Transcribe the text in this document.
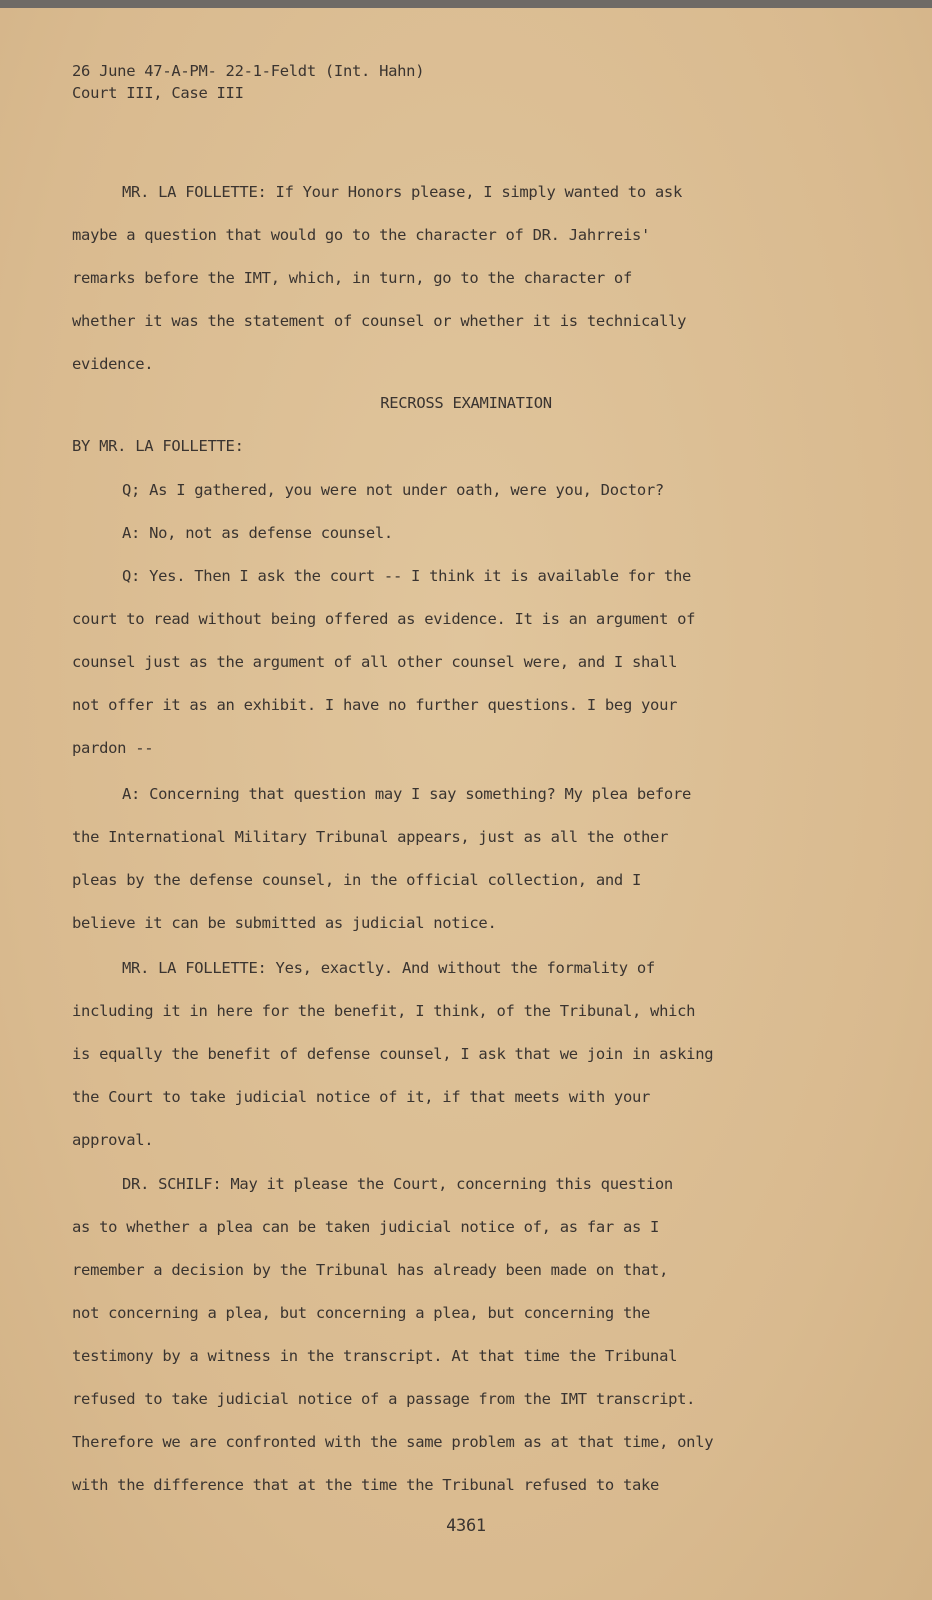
26 June 47-A-PM- 22-1-Feldt (Int. Hahn)
Court III, Case III
MR. LA FOLLETTE: If Your Honors please, I simply wanted to ask
maybe a question that would go to the character of DR. Jahrreis'
remarks before the IMT, which, in turn, go to the character of
whether it was the statement of counsel or whether it is technically
evidence.
RECROSS EXAMINATION
BY MR. LA FOLLETTE:
Q; As I gathered, you were not under oath, were you, Doctor?
A: No, not as defense counsel.
Q: Yes. Then I ask the court -- I think it is available for the
court to read without being offered as evidence. It is an argument of
counsel just as the argument of all other counsel were, and I shall
not offer it as an exhibit. I have no further questions. I beg your
pardon --
A: Concerning that question may I say something? My plea before
the International Military Tribunal appears, just as all the other
pleas by the defense counsel, in the official collection, and I
believe it can be submitted as judicial notice.
MR. LA FOLLETTE: Yes, exactly. And without the formality of
including it in here for the benefit, I think, of the Tribunal, which
is equally the benefit of defense counsel, I ask that we join in asking
the Court to take judicial notice of it, if that meets with your
approval.
DR. SCHILF: May it please the Court, concerning this question
as to whether a plea can be taken judicial notice of, as far as I
remember a decision by the Tribunal has already been made on that,
not concerning a plea, but concerning a plea, but concerning the
testimony by a witness in the transcript. At that time the Tribunal
refused to take judicial notice of a passage from the IMT transcript.
Therefore we are confronted with the same problem as at that time, only
with the difference that at the time the Tribunal refused to take
4361
